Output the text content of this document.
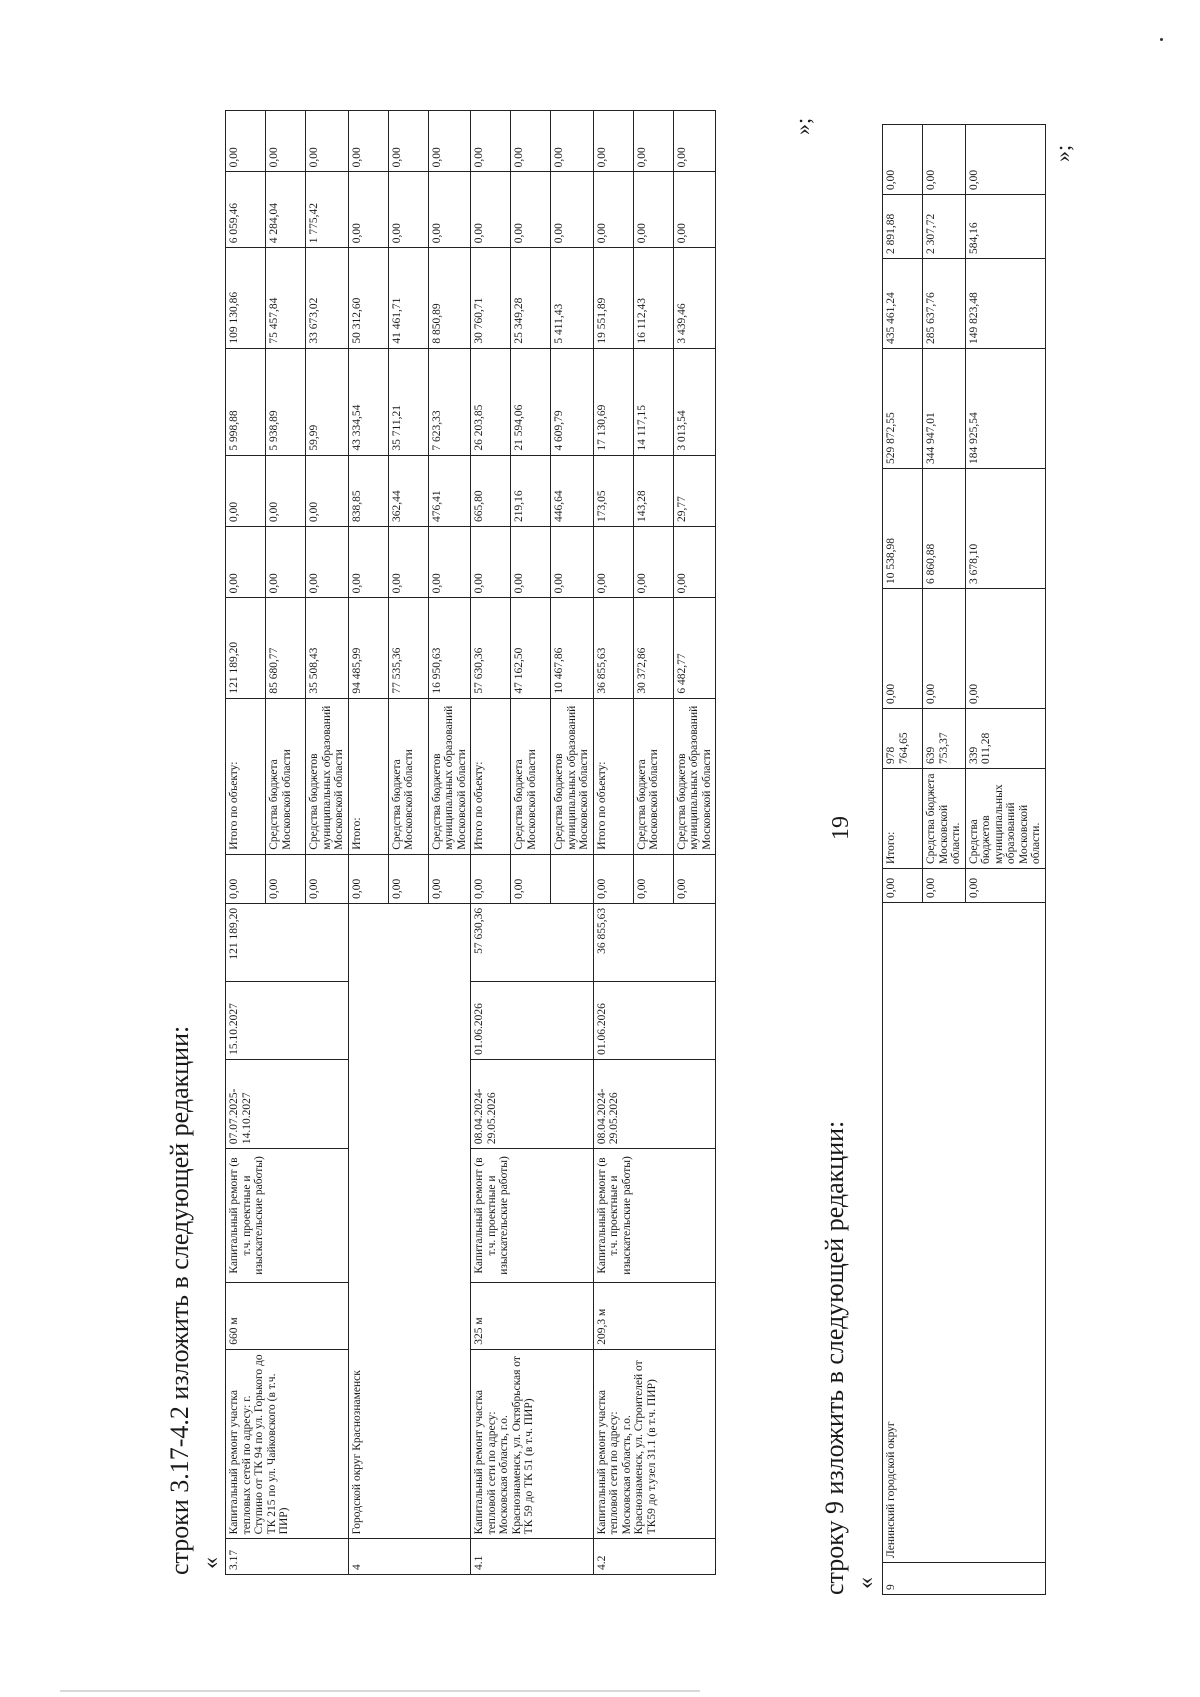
19
строки 3.17-4.2 изложить в следующей редакции: « 3.17	Капитальный ремонт участка тепловых сетей по адресу: г. Ступино от ТК 94 по ул. Горького до ТК 215 по ул. Чайковского (в т.ч. ПИР)	660 м	Капитальный ремонт (в т.ч. проектные и изыскательские работы)	07.07.2025-14.10.2027	15.10.2027	121 189,20	0,00	Итого по объекту:	121 189,20	0,00	0,00	5 998,88	109 130,86	6 059,46	0,00
							0,00	Средства бюджета Московской области	85 680,77	0,00	0,00	5 938,89	75 457,84	4 284,04	0,00
							0,00	Средства бюджетов муниципальных образований Московской области	35 508,43	0,00	0,00	59,99	33 673,02	1 775,42	0,00
4	Городской округ Краснознаменск						0,00	Итого:	94 485,99	0,00	838,85	43 334,54	50 312,60	0,00	0,00
							0,00	Средства бюджета Московской области	77 535,36	0,00	362,44	35 711,21	41 461,71	0,00	0,00
							0,00	Средства бюджетов муниципальных образований Московской области	16 950,63	0,00	476,41	7 623,33	8 850,89	0,00	0,00
4.1	Капитальный ремонт участка тепловой сети по адресу: Московская область, г.о. Краснознаменск, ул. Октябрьская от ТК 59 до ТК 51 (в т.ч. ПИР)	325 м	Капитальный ремонт (в т.ч. проектные и изыскательские работы)	08.04.2024-29.05.2026	01.06.2026	57 630,36	0,00	Итого по объекту:	57 630,36	0,00	665,80	26 203,85	30 760,71	0,00	0,00
							0,00	Средства бюджета Московской области	47 162,50	0,00	219,16	21 594,06	25 349,28	0,00	0,00
								Средства бюджетов муниципальных образований Московской области	10 467,86	0,00	446,64	4 609,79	5 411,43	0,00	0,00
4.2	Капитальный ремонт участка тепловой сети по адресу: Московская область, г.о. Краснознаменск, ул. Строителей от ТК59 до т.узел 31.1 (в т.ч. ПИР)	209,3 м	Капитальный ремонт (в т.ч. проектные и изыскательские работы)	08.04.2024-29.05.2026	01.06.2026	36 855,63	0,00	Итого по объекту:	36 855,63	0,00	173,05	17 130,69	19 551,89	0,00	0,00
							0,00	Средства бюджета Московской области	30 372,86	0,00	143,28	14 117,15	16 112,43	0,00	0,00
							0,00	Средства бюджетов муниципальных образований Московской области	6 482,77	0,00	29,77	3 013,54	3 439,46	0,00	0,00
строку 9 изложить в следующей редакции: « 9	Ленинский городской округ	0,00	Итого:	978 764,65	0,00	10 538,98	529 872,55	435 461,24	2 891,88	0,00
		0,00	Средства бюджета Московской области.	639 753,37	0,00	6 860,88	344 947,01	285 637,76	2 307,72	0,00
		0,00	Средства бюджетов муниципальных образований Московской области.	339 011,28	0,00	3 678,10	184 925,54	149 823,48	584,16	0,00
»;
»;
